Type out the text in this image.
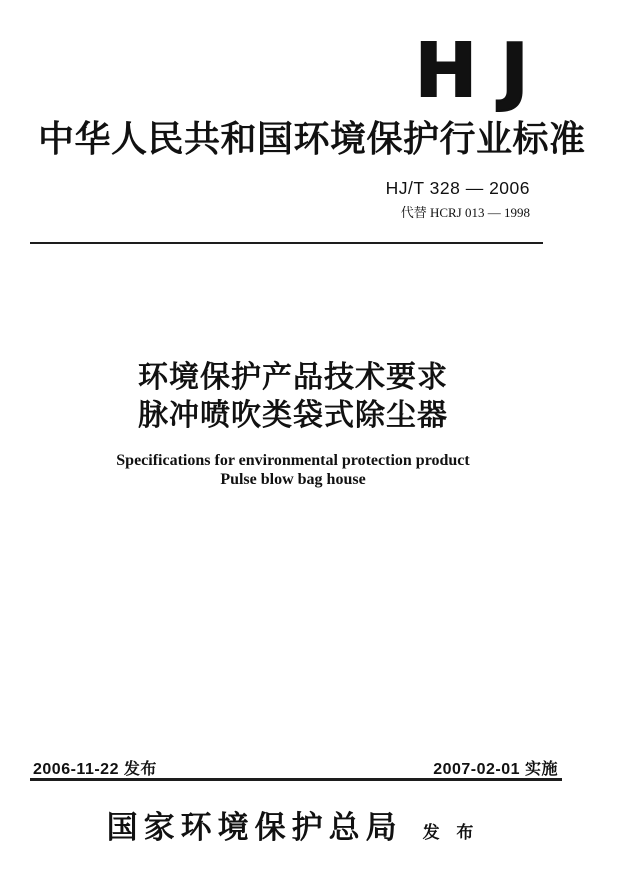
HJ
中华人民共和国环境保护行业标准
HJ/T 328 — 2006
代替 HCRJ 013 — 1998
环境保护产品技术要求
脉冲喷吹类袋式除尘器
Specifications for environmental protection product
Pulse blow bag house
2006-11-22 发布	2007-02-01 实施
国家环境保护总局 发 布
